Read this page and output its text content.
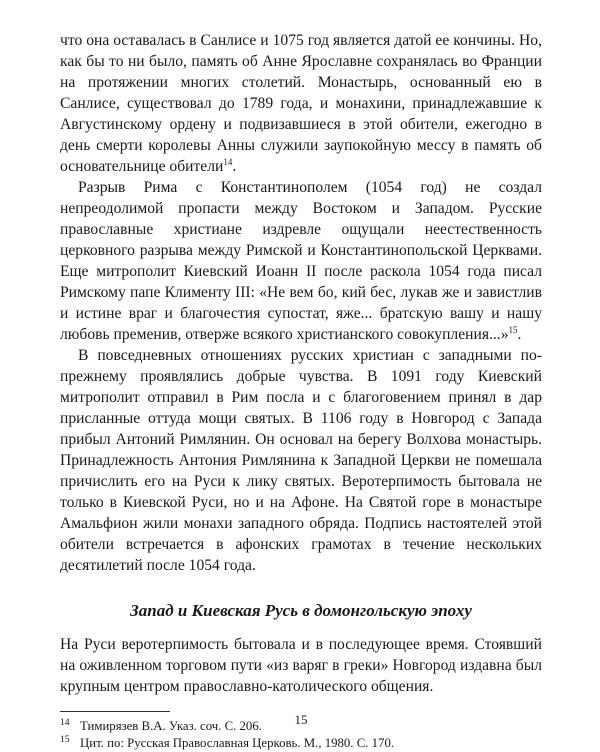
что она оставалась в Санлисе и 1075 год является датой ее кончины. Но, как бы то ни было, память об Анне Ярославне сохранялась во Франции на протяжении многих столетий. Монастырь, основанный ею в Санлисе, существовал до 1789 года, и монахини, принадлежавшие к Августинскому ордену и подвизавшиеся в этой обители, ежегодно в день смерти королевы Анны служили заупокойную мессу в память об основательнице обители$^{14}$.

Разрыв Рима с Константинополем (1054 год) не создал непреодолимой пропасти между Востоком и Западом. Русские православные христиане издревле ощущали неестественность церковного разрыва между Римской и Константинопольской Церквами. Еще митрополит Киевский Иоанн II после раскола 1054 года писал Римскому папе Клименту III: «Не вем бо, кий бес, лукав же и завистлив и истине враг и благочестия супостат, яже... братскую вашу и нашу любовь пременив, отверже всякого христианского совокупления...»$^{15}$.

В повседневных отношениях русских христиан с западными по-прежнему проявлялись добрые чувства. В 1091 году Киевский митрополит отправил в Рим посла и с благоговением принял в дар присланные оттуда мощи святых. В 1106 году в Новгород с Запада прибыл Антоний Римлянин. Он основал на берегу Волхова монастырь. Принадлежность Антония Римлянина к Западной Церкви не помешала причислить его на Руси к лику святых. Веротерпимость бытовала не только в Киевской Руси, но и на Афоне. На Святой горе в монастыре Амальфион жили монахи западного обряда. Подпись настоятелей этой обители встречается в афонских грамотах в течение нескольких десятилетий после 1054 года.

Запад и Киевская Русь в домонгольскую эпоху

На Руси веротерпимость бытовала и в последующее время. Стоявший на оживленном торговом пути «из варяг в греки» Новгород издавна был крупным центром православно-католического общения.

14 Тимирязев В.А. Указ. соч. С. 206.

15 Цит. по: Русская Православная Церковь. М., 1980. С. 170.

15
